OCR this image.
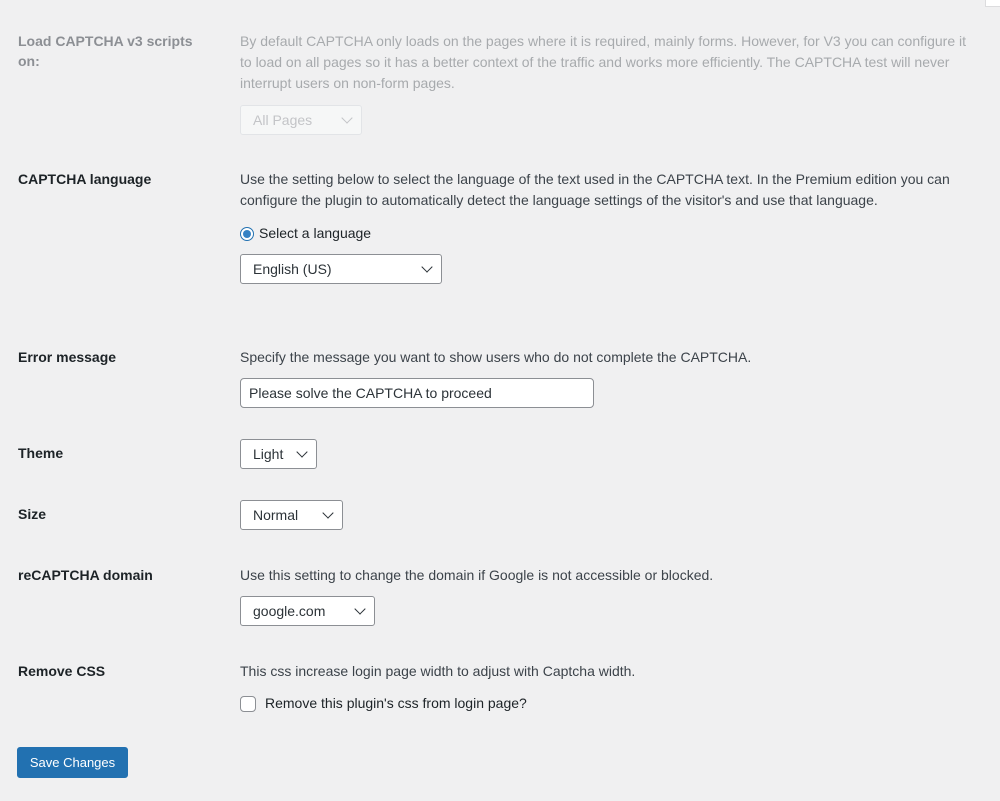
Load CAPTCHA v3 scripts on:

By default CAPTCHA only loads on the pages where it is required, mainly forms. However, for V3 you can configure it to load on all pages so it has a better context of the traffic and works more efficiently. The CAPTCHA test will never interrupt users on non-form pages.

All Pages
CAPTCHA language	Use the setting below to select the language of the text used in the CAPTCHA text. In the Premium edition you can configure the plugin to automatically detect the language settings of the visitor's and use that language.

Select a language
English (US)
Error message	Specify the message you want to show users who do not complete the CAPTCHA.

Please solve the CAPTCHA to proceed
Theme	Light
Size	Normal
reCAPTCHA domain	Use this setting to change the domain if Google is not accessible or blocked.

google.com
Remove CSS	This css increase login page width to adjust with Captcha width.

Remove this plugin's css from login page?
Save Changes
